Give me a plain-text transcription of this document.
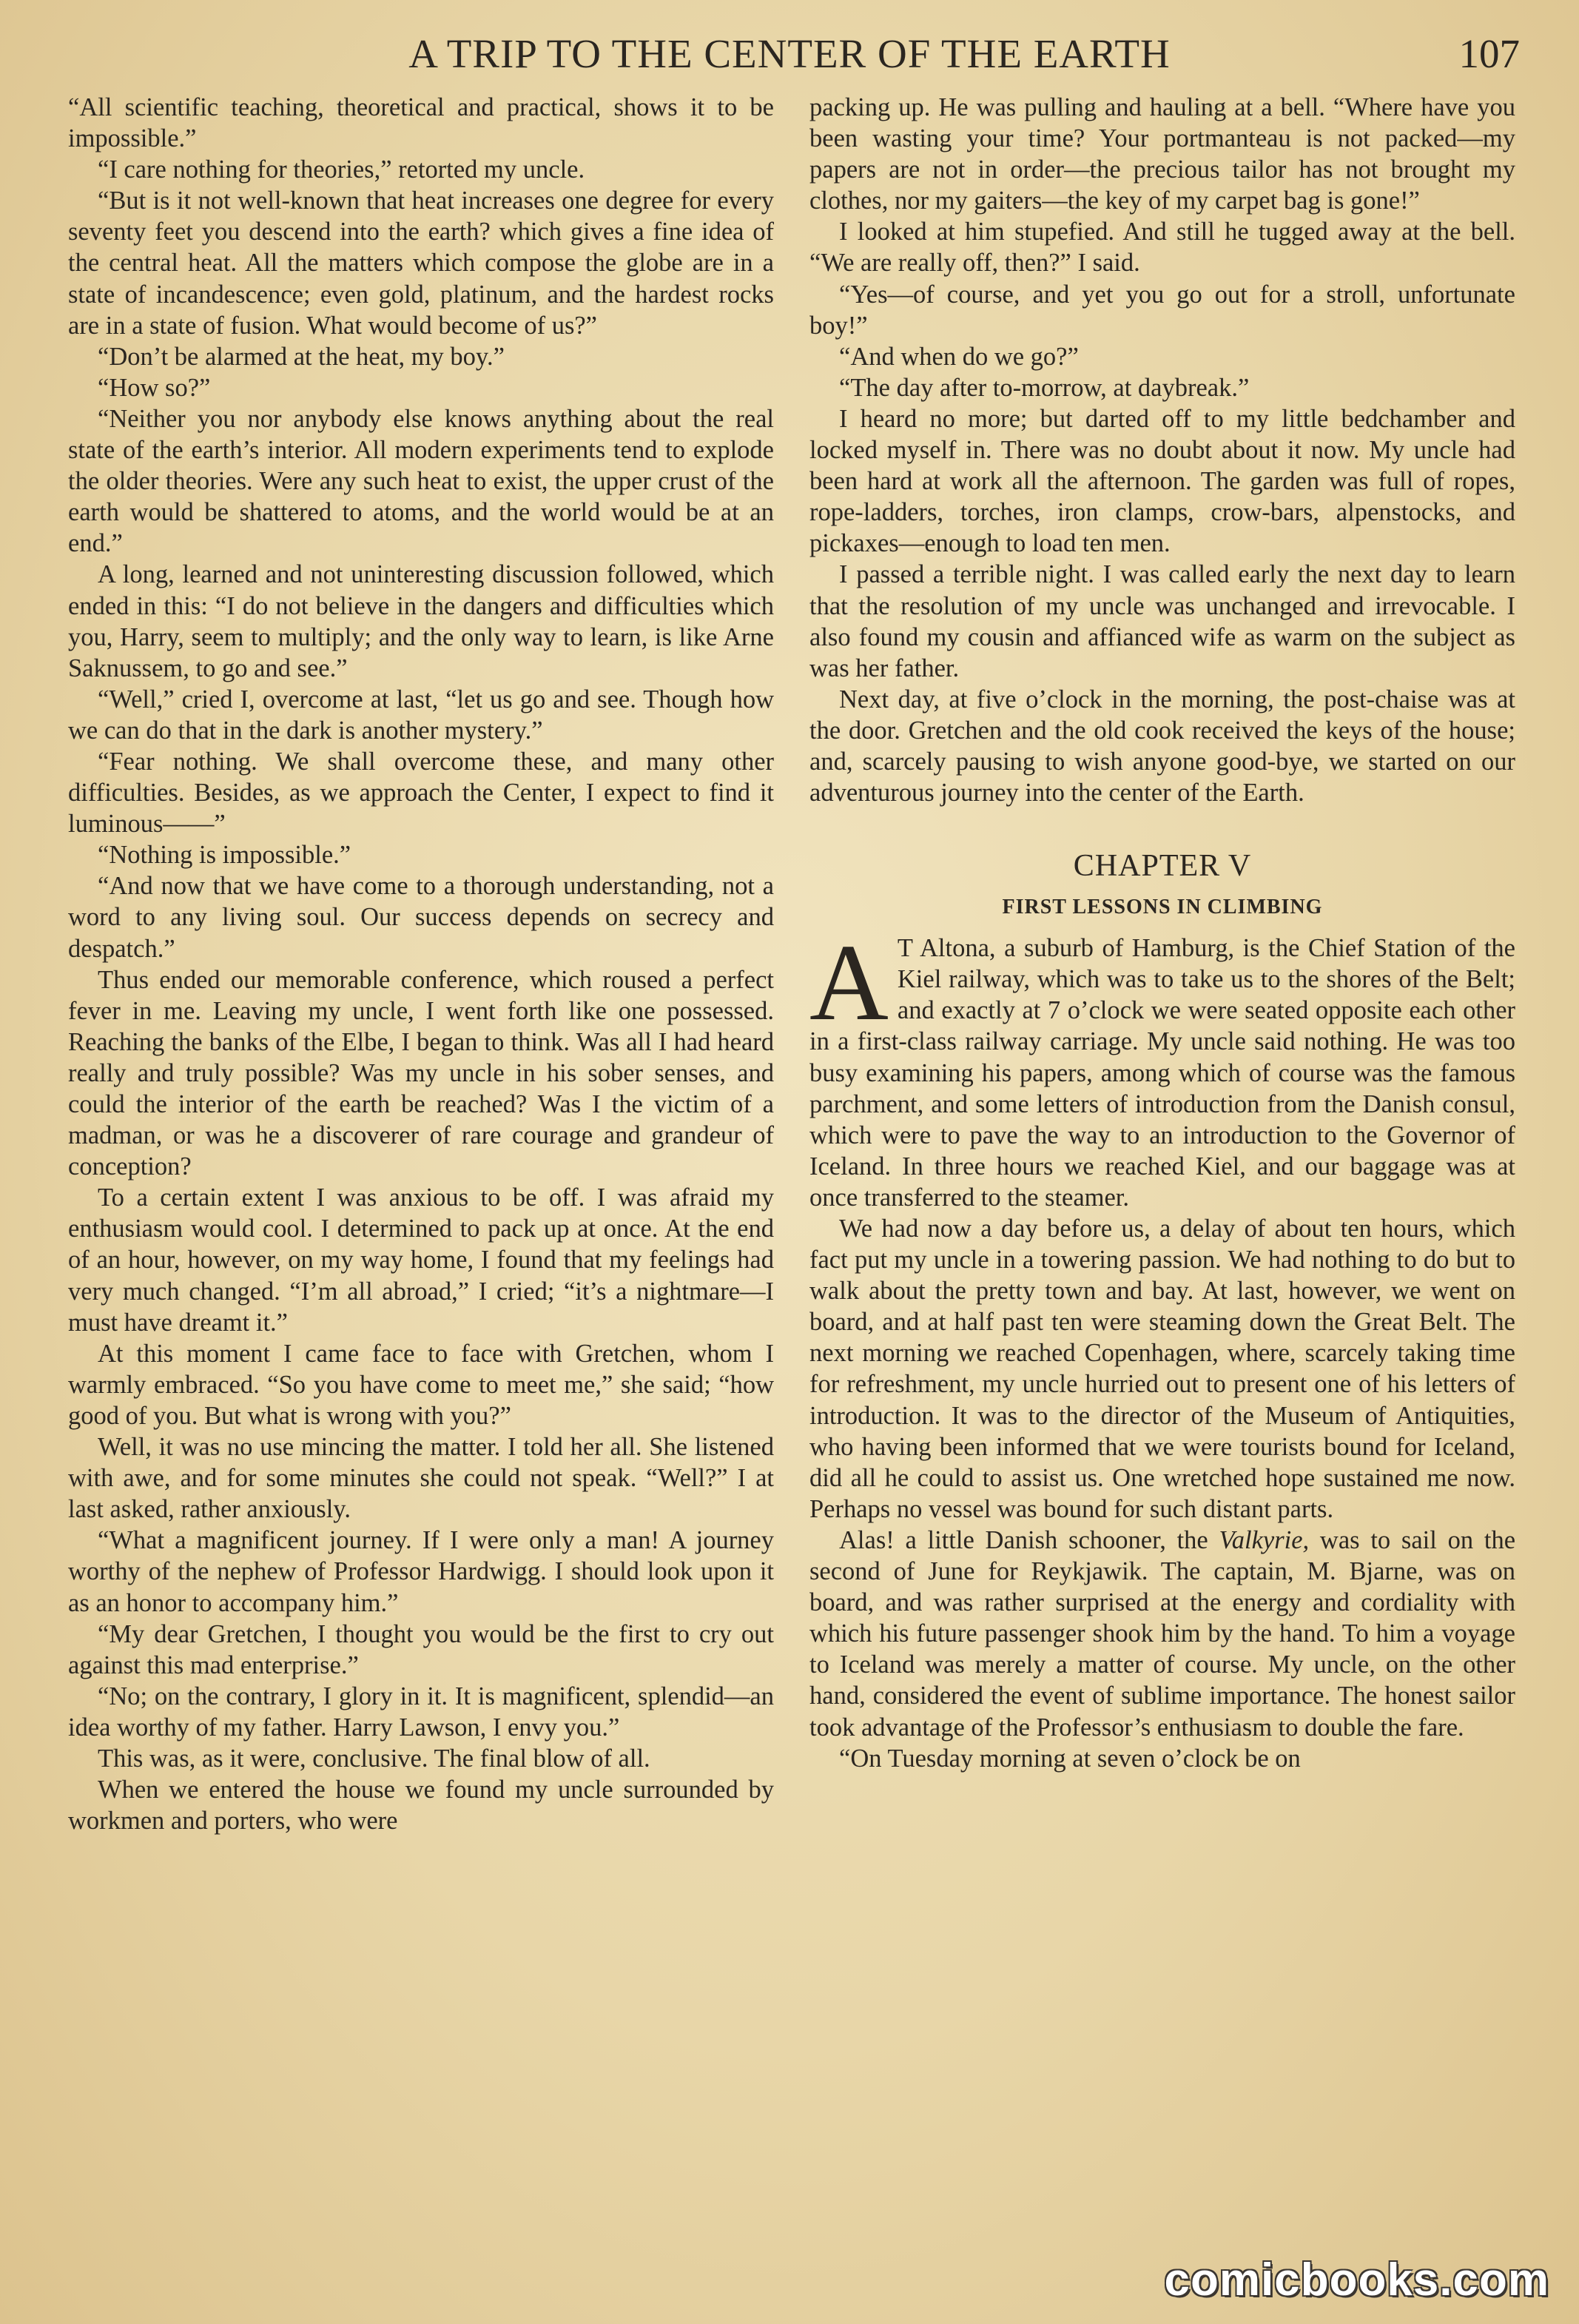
A TRIP TO THE CENTER OF THE EARTH	107

“All scientific teaching, theoretical and practical, shows it to be impossible.”

“I care nothing for theories,” retorted my uncle.

“But is it not well-known that heat increases one degree for every seventy feet you descend into the earth? which gives a fine idea of the central heat. All the matters which compose the globe are in a state of incandescence; even gold, platinum, and the hardest rocks are in a state of fusion. What would become of us?”

“Don’t be alarmed at the heat, my boy.”

“How so?”

“Neither you nor anybody else knows anything about the real state of the earth’s interior. All modern experiments tend to explode the older theories. Were any such heat to exist, the upper crust of the earth would be shattered to atoms, and the world would be at an end.”

A long, learned and not uninteresting discussion followed, which ended in this: “I do not believe in the dangers and difficulties which you, Harry, seem to multiply; and the only way to learn, is like Arne Saknussem, to go and see.”

“Well,” cried I, overcome at last, “let us go and see. Though how we can do that in the dark is another mystery.”

“Fear nothing. We shall overcome these, and many other difficulties. Besides, as we approach the Center, I expect to find it luminous——”

“Nothing is impossible.”

“And now that we have come to a thorough understanding, not a word to any living soul. Our success depends on secrecy and despatch.”

Thus ended our memorable conference, which roused a perfect fever in me. Leaving my uncle, I went forth like one possessed. Reaching the banks of the Elbe, I began to think. Was all I had heard really and truly possible? Was my uncle in his sober senses, and could the interior of the earth be reached? Was I the victim of a madman, or was he a discoverer of rare courage and grandeur of conception?

To a certain extent I was anxious to be off. I was afraid my enthusiasm would cool. I determined to pack up at once. At the end of an hour, however, on my way home, I found that my feelings had very much changed. “I’m all abroad,” I cried; “it’s a nightmare—I must have dreamt it.”

At this moment I came face to face with Gretchen, whom I warmly embraced. “So you have come to meet me,” she said; “how good of you. But what is wrong with you?”

Well, it was no use mincing the matter. I told her all. She listened with awe, and for some minutes she could not speak. “Well?” I at last asked, rather anxiously.

“What a magnificent journey. If I were only a man! A journey worthy of the nephew of Professor Hardwigg. I should look upon it as an honor to accompany him.”

“My dear Gretchen, I thought you would be the first to cry out against this mad enterprise.”

“No; on the contrary, I glory in it. It is magnificent, splendid—an idea worthy of my father. Harry Lawson, I envy you.”

This was, as it were, conclusive. The final blow of all.

When we entered the house we found my uncle surrounded by workmen and porters, who were

packing up. He was pulling and hauling at a bell. “Where have you been wasting your time? Your portmanteau is not packed—my papers are not in order—the precious tailor has not brought my clothes, nor my gaiters—the key of my carpet bag is gone!”

I looked at him stupefied. And still he tugged away at the bell. “We are really off, then?” I said.

“Yes—of course, and yet you go out for a stroll, unfortunate boy!”

“And when do we go?”

“The day after to-morrow, at daybreak.”

I heard no more; but darted off to my little bedchamber and locked myself in. There was no doubt about it now. My uncle had been hard at work all the afternoon. The garden was full of ropes, rope-ladders, torches, iron clamps, crow-bars, alpenstocks, and pickaxes—enough to load ten men.

I passed a terrible night. I was called early the next day to learn that the resolution of my uncle was unchanged and irrevocable. I also found my cousin and affianced wife as warm on the subject as was her father.

Next day, at five o’clock in the morning, the post-chaise was at the door. Gretchen and the old cook received the keys of the house; and, scarcely pausing to wish anyone good-bye, we started on our adventurous journey into the center of the Earth.

CHAPTER V
FIRST LESSONS IN CLIMBING

A T Altona, a suburb of Hamburg, is the Chief Station of the Kiel railway, which was to take us to the shores of the Belt; and exactly at 7 o’clock we were seated opposite each other in a first-class railway carriage. My uncle said nothing. He was too busy examining his papers, among which of course was the famous parchment, and some letters of introduction from the Danish consul, which were to pave the way to an introduction to the Governor of Iceland. In three hours we reached Kiel, and our baggage was at once transferred to the steamer.

We had now a day before us, a delay of about ten hours, which fact put my uncle in a towering passion. We had nothing to do but to walk about the pretty town and bay. At last, however, we went on board, and at half past ten were steaming down the Great Belt. The next morning we reached Copenhagen, where, scarcely taking time for refreshment, my uncle hurried out to present one of his letters of introduction. It was to the director of the Museum of Antiquities, who having been informed that we were tourists bound for Iceland, did all he could to assist us. One wretched hope sustained me now. Perhaps no vessel was bound for such distant parts.

Alas! a little Danish schooner, the Valkyrie, was to sail on the second of June for Reykjawik. The captain, M. Bjarne, was on board, and was rather surprised at the energy and cordiality with which his future passenger shook him by the hand. To him a voyage to Iceland was merely a matter of course. My uncle, on the other hand, considered the event of sublime importance. The honest sailor took advantage of the Professor’s enthusiasm to double the fare.

“On Tuesday morning at seven o’clock be on

comicbooks.com
